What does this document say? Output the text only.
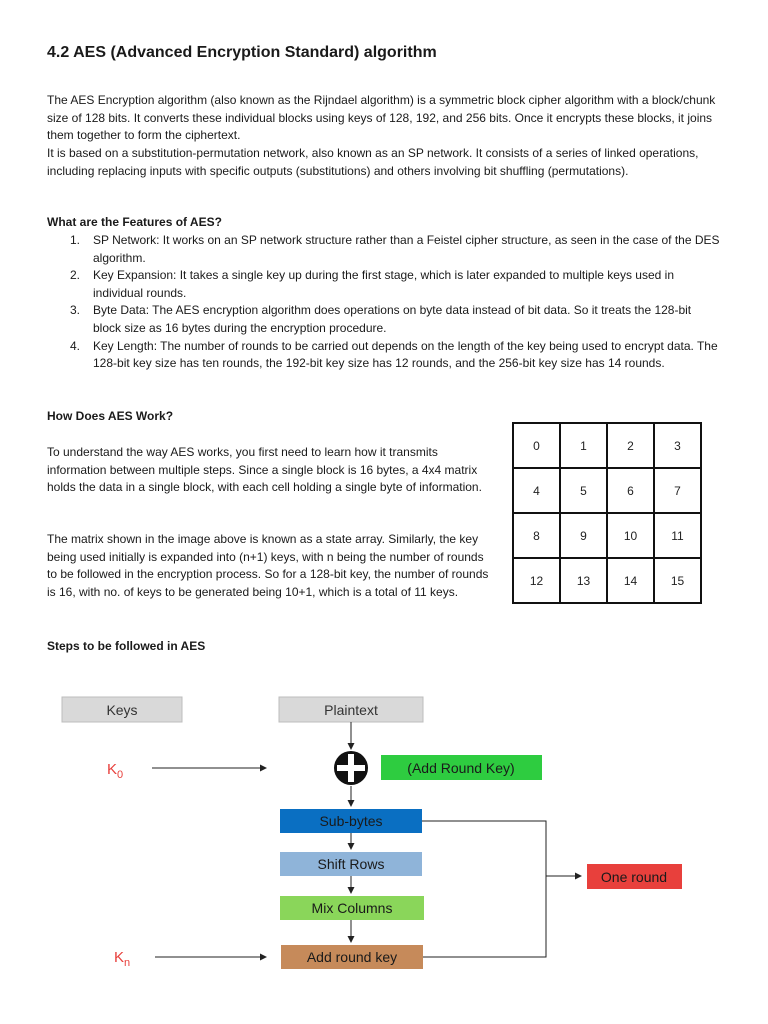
4.2 AES (Advanced Encryption Standard) algorithm

The AES Encryption algorithm (also known as the Rijndael algorithm) is a symmetric block cipher algorithm with a block/chunk size of 128 bits. It converts these individual blocks using keys of 128, 192, and 256 bits. Once it encrypts these blocks, it joins them together to form the ciphertext.

It is based on a substitution-permutation network, also known as an SP network. It consists of a series of linked operations, including replacing inputs with specific outputs (substitutions) and others involving bit shuffling (permutations).

What are the Features of AES?

1. SP Network: It works on an SP network structure rather than a Feistel cipher structure, as seen in the case of the DES algorithm.
2. Key Expansion: It takes a single key up during the first stage, which is later expanded to multiple keys used in individual rounds.
3. Byte Data: The AES encryption algorithm does operations on byte data instead of bit data. So it treats the 128-bit block size as 16 bytes during the encryption procedure.
4. Key Length: The number of rounds to be carried out depends on the length of the key being used to encrypt data. The 128-bit key size has ten rounds, the 192-bit key size has 12 rounds, and the 256-bit key size has 14 rounds.

How Does AES Work?

To understand the way AES works, you first need to learn how it transmits information between multiple steps. Since a single block is 16 bytes, a 4x4 matrix holds the data in a single block, with each cell holding a single byte of information.

The matrix shown in the image above is known as a state array. Similarly, the key being used initially is expanded into (n+1) keys, with n being the number of rounds to be followed in the encryption process. So for a 128-bit key, the number of rounds is 16, with no. of keys to be generated being 10+1, which is a total of 11 keys.

0	1	2	3
4	5	6	7
8	9	10	11
12	13	14	15

Steps to be followed in AES

Keys	Plaintext
$K_0$	(Add Round Key)
Sub-bytes
Shift Rows
Mix Columns
Add round key
$K_n$
One round
